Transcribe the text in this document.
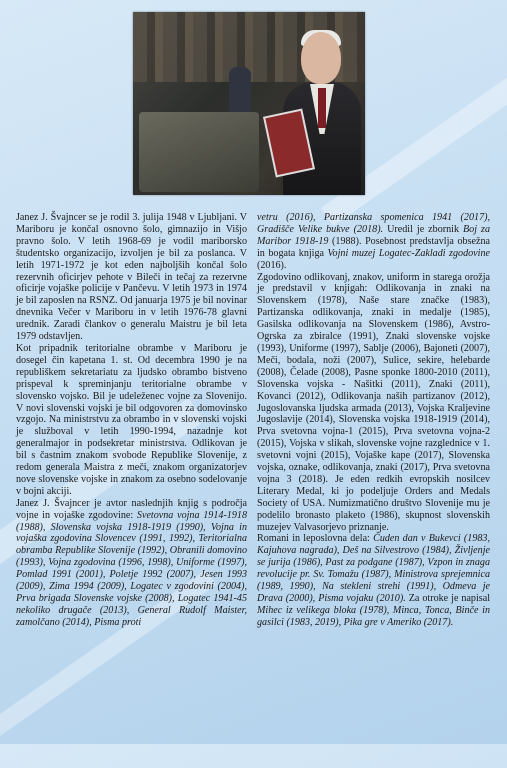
Janez J. Švajncer se je rodil 3. julija 1948 v Ljubljani. V Mariboru je končal osnovno šolo, gimnazijo in Višjo pravno šolo. V letih 1968-69 je vodil mariborsko študentsko organizacijo, izvoljen je bil za poslanca. V letih 1971-1972 je kot eden najboljših končal šolo rezervnih oficirjev pehote v Bileči in tečaj za rezervne oficirje vojaške policije v Pančevu. V letih 1973 in 1974 je bil zaposlen na RSNZ. Od januarja 1975 je bil novinar dnevnika Večer v Mariboru in v letih 1976-78 glavni urednik. Zaradi člankov o generalu Maistru je bil leta 1979 odstavljen.

Kot pripadnik teritorialne obrambe v Mariboru je dosegel čin kapetana 1. st. Od decembra 1990 je na republiškem sekretariatu za ljudsko obrambo bistveno prispeval k spreminjanju teritorialne obrambe v slovensko vojsko. Bil je udeleženec vojne za Slovenijo. V novi slovenski vojski je bil odgovoren za domovinsko vzgojo. Na ministrstvu za obrambo in v slovenski vojski je služboval v letih 1990-1994, nazadnje kot generalmajor in podsekretar ministrstva. Odlikovan je bil s častnim znakom svobode Republike Slovenije, z redom generala Maistra z meči, znakom organizatorjev nove slovenske vojske in znakom za osebno sodelovanje v bojni akciji.

Janez J. Švajncer je avtor naslednjih knjig s področja vojne in vojaške zgodovine: Svetovna vojna 1914-1918 (1988), Slovenska vojska 1918-1919 (1990), Vojna in vojaška zgodovina Slovencev (1991, 1992), Teritorialna obramba Republike Slovenije (1992), Obranili domovino (1993), Vojna zgodovina (1996, 1998), Uniforme (1997), Pomlad 1991 (2001), Poletje 1992 (2007), Jesen 1993 (2009), Zima 1994 (2009), Logatec v zgodovini (2004), Prva brigada Slovenske vojske (2008), Logatec 1941-45 nekoliko drugače (2013), General Rudolf Maister, zamolčano (2014), Pisma proti

vetru (2016), Partizanska spomenica 1941 (2017), Gradišče Velike bukve (2018). Uredil je zbornik Boj za Maribor 1918-19 (1988). Posebnost predstavlja obsežna in bogata knjiga Vojni muzej Logatec-Zakladi zgodovine (2016).

Zgodovino odlikovanj, znakov, uniform in starega orožja je predstavil v knjigah: Odlikovanja in znaki na Slovenskem (1978), Naše stare značke (1983), Partizanska odlikovanja, znaki in medalje (1985), Gasilska odlikovanja na Slovenskem (1986), Avstro-Ogrska za zbiralce (1991), Znaki slovenske vojske (1993), Uniforme (1997), Sablje (2006), Bajoneti (2007), Meči, bodala, noži (2007), Sulice, sekire, helebarde (2008), Čelade (2008), Pasne sponke 1800-2010 (2011), Slovenska vojska - Našitki (2011), Znaki (2011), Kovanci (2012), Odlikovanja naših partizanov (2012), Jugoslovanska ljudska armada (2013), Vojska Kraljevine Jugoslavije (2014), Slovenska vojska 1918-1919 (2014), Prva svetovna vojna-1 (2015), Prva svetovna vojna-2 (2015), Vojska v slikah, slovenske vojne razglednice v 1. svetovni vojni (2015), Vojaške kape (2017), Slovenska vojska, oznake, odlikovanja, znaki (2017), Prva svetovna vojna 3 (2018). Je eden redkih evropskih nosilcev Literary Medal, ki jo podeljuje Orders and Medals Society of USA. Numizmatično društvo Slovenije mu je podelilo bronasto plaketo (1986), skupnost slovenskih muzejev Valvasorjevo priznanje.

Romani in leposlovna dela: Čuden dan v Bukevci (1983, Kajuhova nagrada), Deš na Silvestrovo (1984), Življenje se jurija (1986), Past za podgane (1987), Vzpon in znaga revolucije pr. Sv. Tomažu (1987), Ministrova sprejemnica (1989, 1990), Na stekleni strehi (1991), Odmeva je Drava (2000), Pisma vojaku (2010). Za otroke je napisal Mihec iz velikega bloka (1978), Minca, Tonca, Binče in gasilci (1983, 2019), Pika gre v Ameriko (2017).
